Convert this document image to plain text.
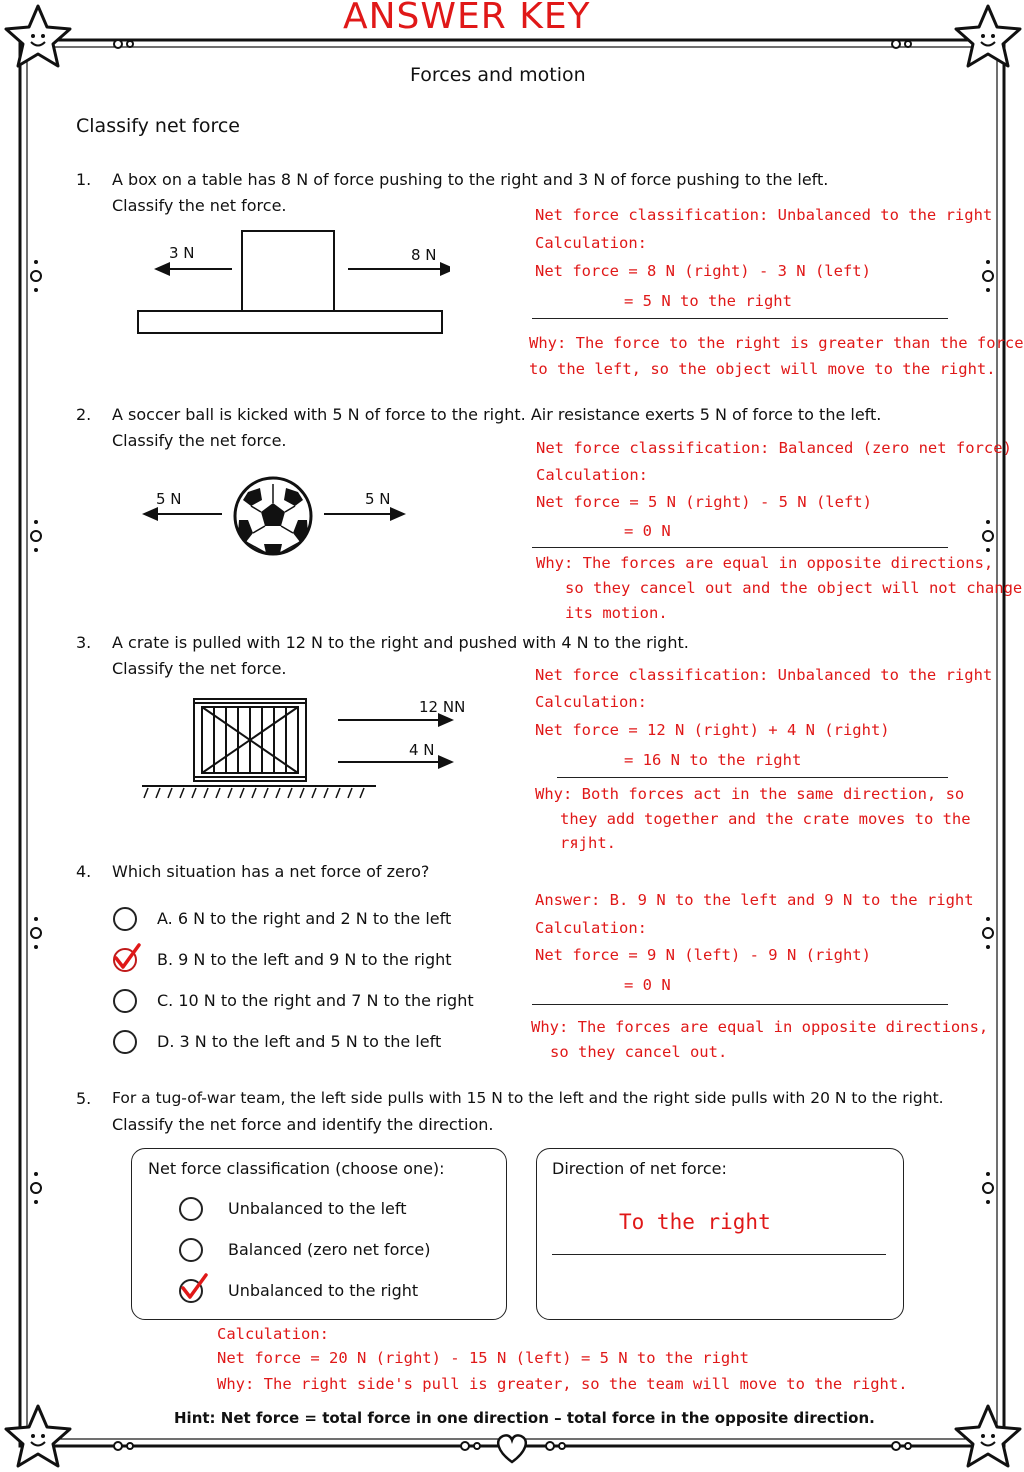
ANSWER KEY
Forces and motion
Classify net force
1. A box on a table has 8 N of force pushing to the right and 3 N of force pushing to the left.
Classify the net force.
3 N	8 N
Net force classification: Unbalanced to the right
Calculation:
Net force = 8 N (right) - 3 N (left)
= 5 N to the right
Why: The force to the right is greater than the force
to the left, so the object will move to the right.
2. A soccer ball is kicked with 5 N of force to the right. Air resistance exerts 5 N of force to the left.
Classify the net force.
5 N	5 N
Net force classification: Balanced (zero net force)
Calculation:
Net force = 5 N (right) - 5 N (left)
= 0 N
Why: The forces are equal in opposite directions,
so they cancel out and the object will not change
its motion.
3. A crate is pulled with 12 N to the right and pushed with 4 N to the right.
Classify the net force.
12 NN
4 N
Net force classification: Unbalanced to the right
Calculation:
Net force = 12 N (right) + 4 N (right)
= 16 N to the right
Why: Both forces act in the same direction, so
they add together and the crate moves to the
rяjht.
4. Which situation has a net force of zero?
A. 6 N to the right and 2 N to the left
B. 9 N to the left and 9 N to the right
C. 10 N to the right and 7 N to the right
D. 3 N to the left and 5 N to the left
Answer: B. 9 N to the left and 9 N to the right
Calculation:
Net force = 9 N (left) - 9 N (right)
= 0 N
Why: The forces are equal in opposite directions,
so they cancel out.
5. For a tug-of-war team, the left side pulls with 15 N to the left and the right side pulls with 20 N to the right.
Classify the net force and identify the direction.
Net force classification (choose one):
Unbalanced to the left
Balanced (zero net force)
Unbalanced to the right
Direction of net force:
To the right
Calculation:
Net force = 20 N (right) - 15 N (left) = 5 N to the right
Why: The right side's pull is greater, so the team will move to the right.
Hint: Net force = total force in one direction – total force in the opposite direction.
